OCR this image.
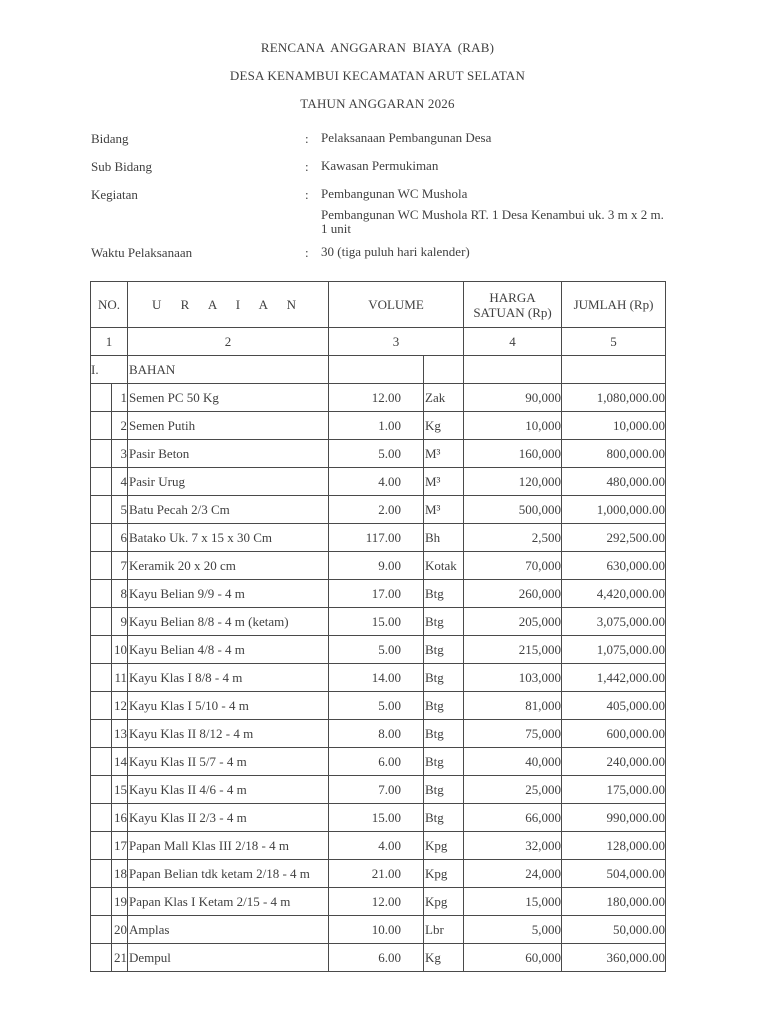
RENCANA ANGGARAN BIAYA (RAB)
DESA KENAMBUI KECAMATAN ARUT SELATAN
TAHUN ANGGARAN 2026
Bidang	: Pelaksanaan Pembangunan Desa
Sub Bidang	: Kawasan Permukiman
Kegiatan	: Pembangunan WC Mushola
Pembangunan WC Mushola RT. 1 Desa Kenambui uk. 3 m x 2 m. 1 unit
Waktu Pelaksanaan	: 30 (tiga puluh hari kalender)
NO.		U R A I A N	VOLUME		HARGA SATUAN (Rp)	JUMLAH (Rp)
1		2	3		4	5
I.		BAHAN				
	1	Semen PC 50 Kg	12.00	Zak	90,000	1,080,000.00
	2	Semen Putih	1.00	Kg	10,000	10,000.00
	3	Pasir Beton	5.00	M³	160,000	800,000.00
	4	Pasir Urug	4.00	M³	120,000	480,000.00
	5	Batu Pecah 2/3 Cm	2.00	M³	500,000	1,000,000.00
	6	Batako Uk. 7 x 15 x 30 Cm	117.00	Bh	2,500	292,500.00
	7	Keramik 20 x 20 cm	9.00	Kotak	70,000	630,000.00
	8	Kayu Belian 9/9 - 4 m	17.00	Btg	260,000	4,420,000.00
	9	Kayu Belian 8/8 - 4 m (ketam)	15.00	Btg	205,000	3,075,000.00
	10	Kayu Belian 4/8 - 4 m	5.00	Btg	215,000	1,075,000.00
	11	Kayu Klas I 8/8 - 4 m	14.00	Btg	103,000	1,442,000.00
	12	Kayu Klas I 5/10 - 4 m	5.00	Btg	81,000	405,000.00
	13	Kayu Klas II 8/12 - 4 m	8.00	Btg	75,000	600,000.00
	14	Kayu Klas II 5/7 - 4 m	6.00	Btg	40,000	240,000.00
	15	Kayu Klas II 4/6 - 4 m	7.00	Btg	25,000	175,000.00
	16	Kayu Klas II 2/3 - 4 m	15.00	Btg	66,000	990,000.00
	17	Papan Mall Klas III 2/18 - 4 m	4.00	Kpg	32,000	128,000.00
	18	Papan Belian tdk ketam 2/18 - 4 m	21.00	Kpg	24,000	504,000.00
	19	Papan Klas I Ketam 2/15 - 4 m	12.00	Kpg	15,000	180,000.00
	20	Amplas	10.00	Lbr	5,000	50,000.00
	21	Dempul	6.00	Kg	60,000	360,000.00
